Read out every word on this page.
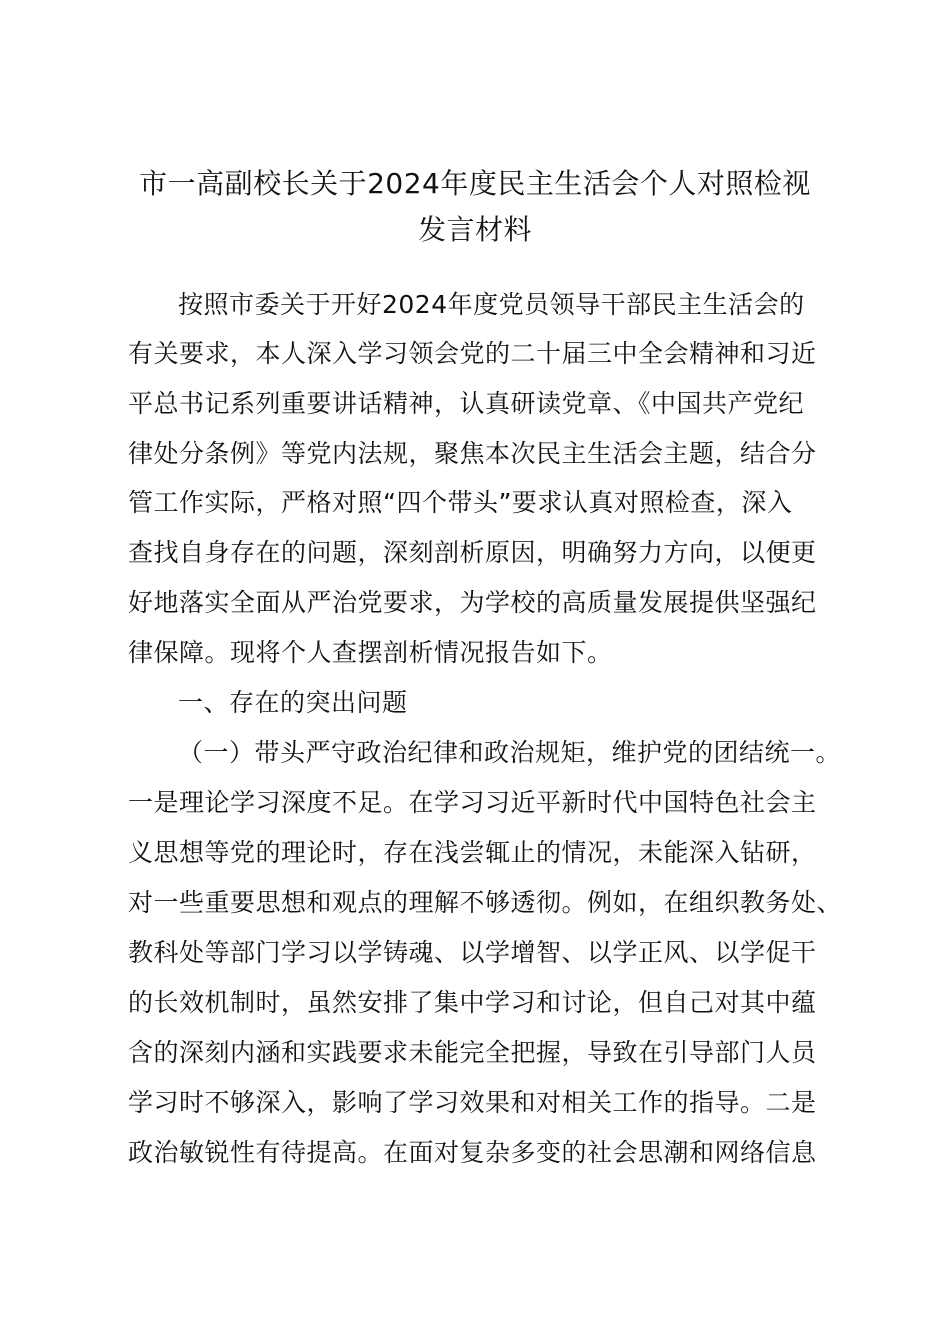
市一高副校长关于2024年度民主生活会个人对照检视
发言材料
按照市委关于开好2024年度党员领导干部民主生活会的
有关要求，本人深入学习领会党的二十届三中全会精神和习近
平总书记系列重要讲话精神，认真研读党章、《中国共产党纪
律处分条例》等党内法规，聚焦本次民主生活会主题，结合分
管工作实际，严格对照“四个带头”要求认真对照检查，深入
查找自身存在的问题，深刻剖析原因，明确努力方向，以便更
好地落实全面从严治党要求，为学校的高质量发展提供坚强纪
律保障。现将个人查摆剖析情况报告如下。
一、存在的突出问题
（一）带头严守政治纪律和政治规矩，维护党的团结统一。
一是理论学习深度不足。在学习习近平新时代中国特色社会主
义思想等党的理论时，存在浅尝辄止的情况，未能深入钻研，
对一些重要思想和观点的理解不够透彻。例如，在组织教务处、
教科处等部门学习以学铸魂、以学增智、以学正风、以学促干
的长效机制时，虽然安排了集中学习和讨论，但自己对其中蕴
含的深刻内涵和实践要求未能完全把握，导致在引导部门人员
学习时不够深入，影响了学习效果和对相关工作的指导。二是
政治敏锐性有待提高。在面对复杂多变的社会思潮和网络信息
